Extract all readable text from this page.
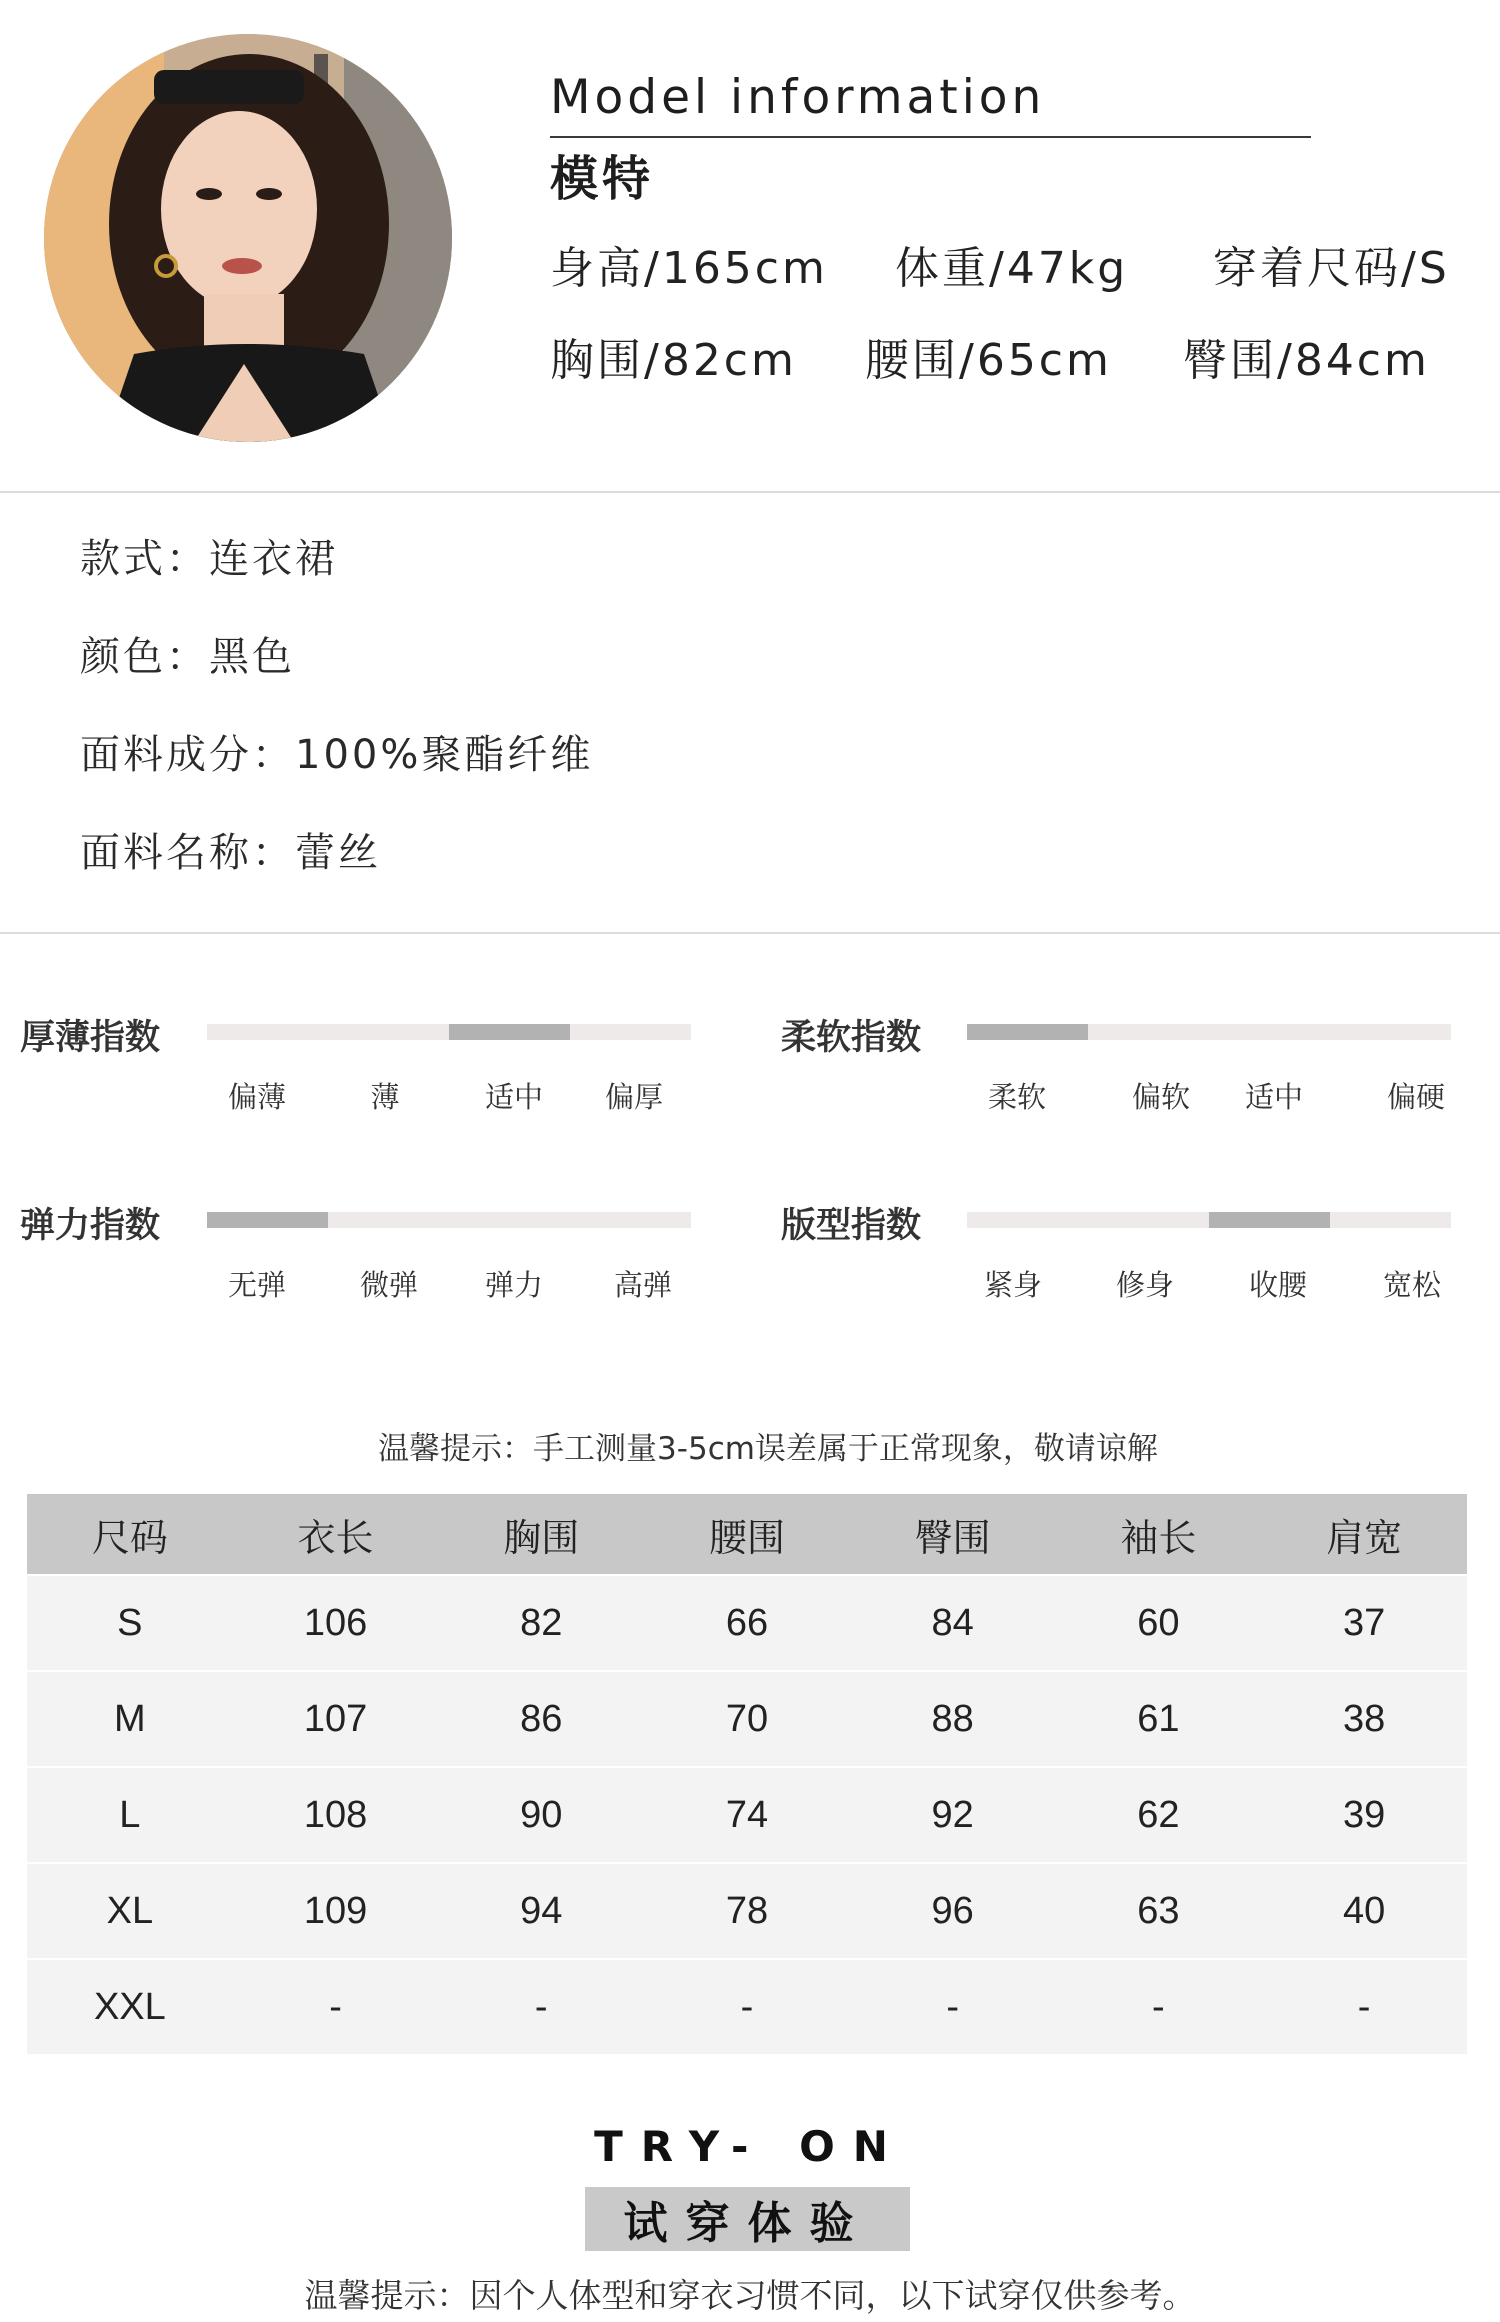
Model information
模特
身高/165cm 体重/47kg 穿着尺码/S
胸围/82cm 腰围/65cm 臀围/84cm
款式：连衣裙
颜色：黑色
面料成分：100%聚酯纤维
面料名称：蕾丝
厚薄指数
偏薄	薄	适中 偏厚
柔软指数
柔软	偏软 适中	偏硬
弹力指数
无弹	微弹 弹力 高弹
版型指数
紧身	修身	收腰	宽松
温馨提示：手工测量3-5cm误差属于正常现象，敬请谅解
尺码	衣长	胸围	腰围	臀围	袖长	肩宽
S	106	82	66	84	60	37
M	107	86	70	88	61	38
L	108	90	74	92	62	39
XL	109	94	78	96	63	40
XXL	-	-	-	-	-	-
TRY- ON
试穿体验
温馨提示：因个人体型和穿衣习惯不同，以下试穿仅供参考。
